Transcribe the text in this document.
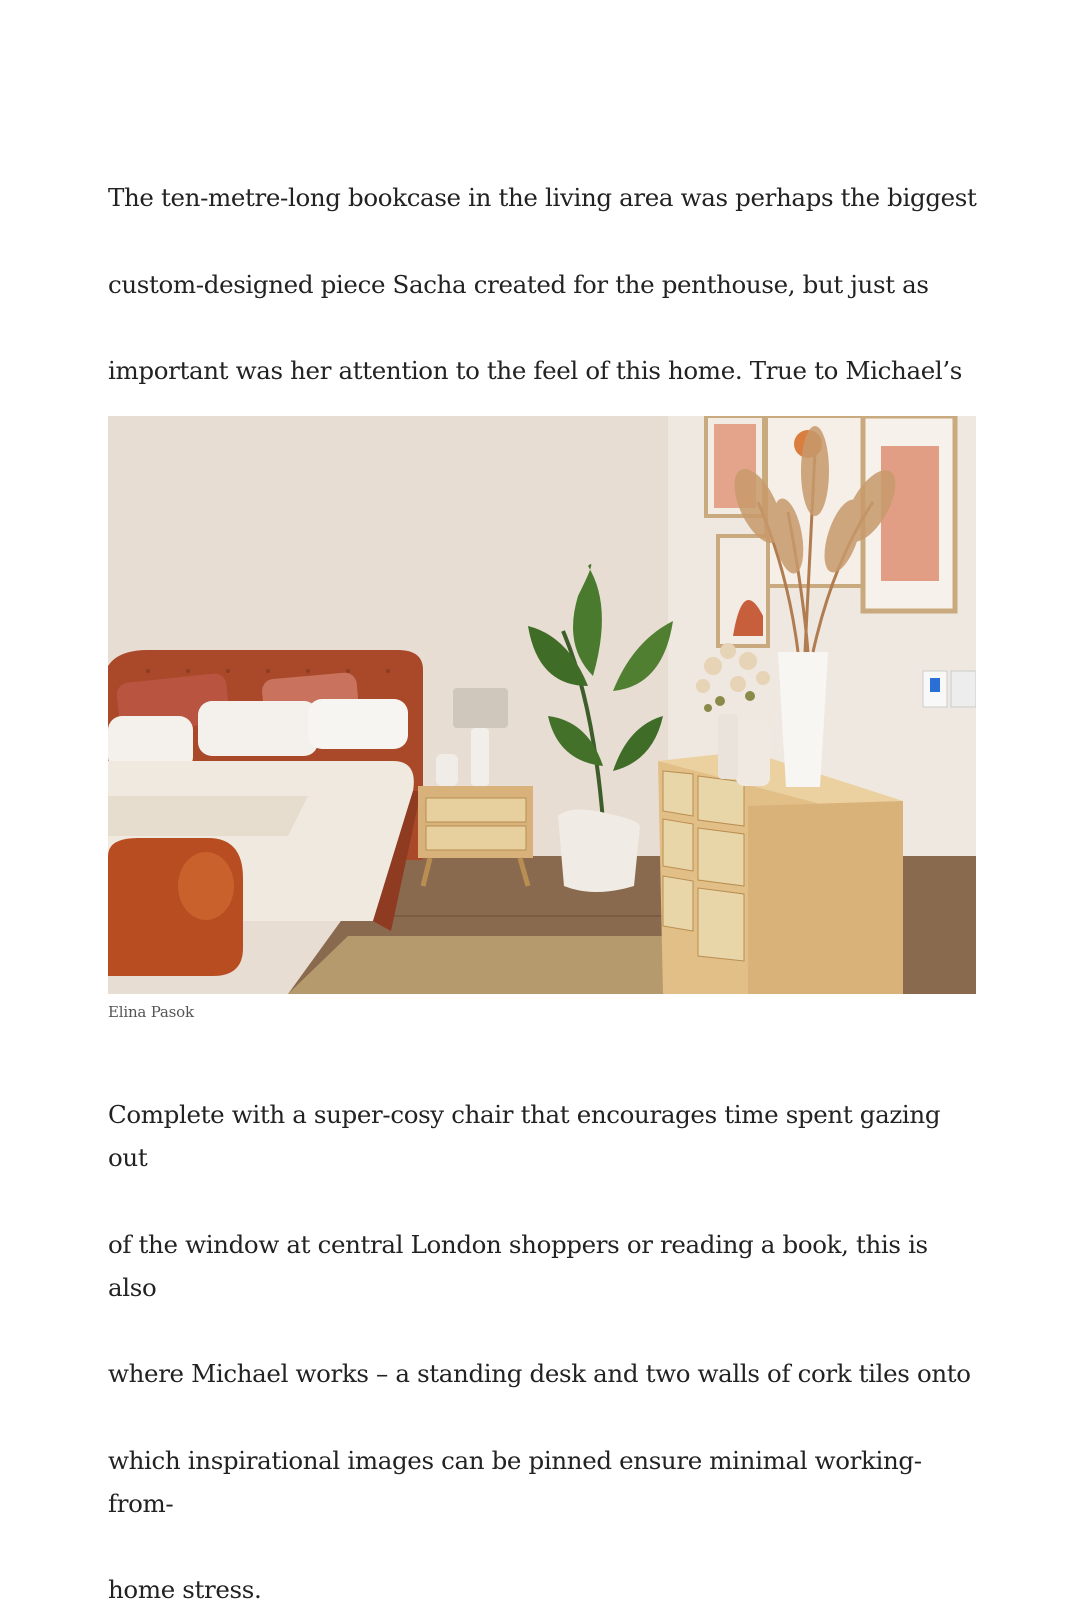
The ten-metre-long bookcase in the living area was perhaps the biggest

custom-designed piece Sacha created for the penthouse, but just as

important was her attention to the feel of this home. True to Michael’s

Elina Pasok

Complete with a super-cosy chair that encourages time spent gazing out

of the window at central London shoppers or reading a book, this is also

where Michael works – a standing desk and two walls of cork tiles onto

which inspirational images can be pinned ensure minimal working-from-

home stress.
